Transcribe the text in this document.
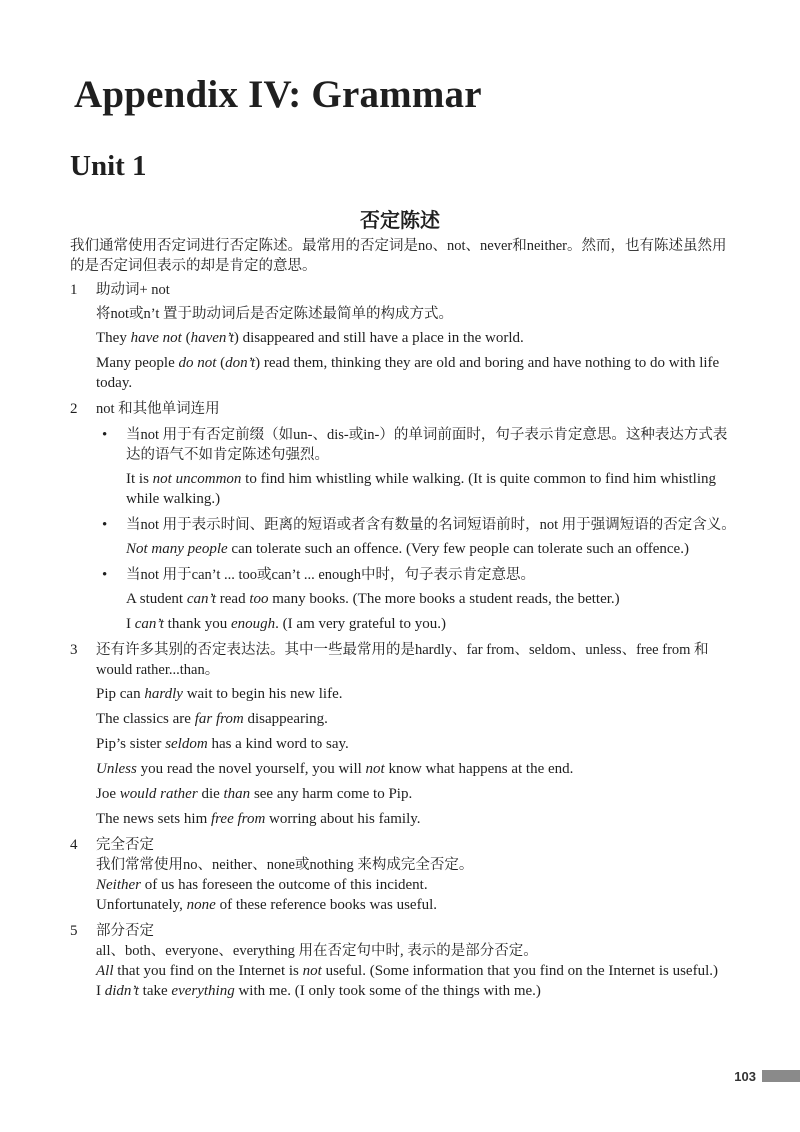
Appendix IV: Grammar
Unit 1
否定陈述

我们通常使用否定词进行否定陈述。最常用的否定词是no、not、never和neither。然而，也有陈述虽然用的是否定词但表示的却是肯定的意思。

1 助动词+ not

将not或n’t 置于助动词后是否定陈述最简单的构成方式。

They have not (haven’t) disappeared and still have a place in the world.

Many people do not (don’t) read them, thinking they are old and boring and have nothing to do with life today.

2 not 和其他单词连用

• 当not 用于有否定前缀（如un-、dis-或in-）的单词前面时，句子表示肯定意思。这种表达方式表达的语气不如肯定陈述句强烈。

It is not uncommon to find him whistling while walking. (It is quite common to find him whistling while walking.)

• 当not 用于表示时间、距离的短语或者含有数量的名词短语前时，not 用于强调短语的否定含义。

Not many people can tolerate such an offence. (Very few people can tolerate such an offence.)

• 当not 用于can’t ... too或can’t ... enough中时，句子表示肯定意思。

A student can’t read too many books. (The more books a student reads, the better.)

I can’t thank you enough. (I am very grateful to you.)

3 还有许多其别的否定表达法。其中一些最常用的是hardly、far from、seldom、unless、free from 和would rather...than。

Pip can hardly wait to begin his new life.

The classics are far from disappearing.

Pip’s sister seldom has a kind word to say.

Unless you read the novel yourself, you will not know what happens at the end.

Joe would rather die than see any harm come to Pip.

The news sets him free from worring about his family.

4 完全否定

我们常常使用no、neither、none或nothing 来构成完全否定。

Neither of us has foreseen the outcome of this incident.

Unfortunately, none of these reference books was useful.

5 部分否定

all、both、everyone、everything 用在否定句中时, 表示的是部分否定。

All that you find on the Internet is not useful. (Some information that you find on the Internet is useful.)

I didn’t take everything with me. (I only took some of the things with me.)

103
